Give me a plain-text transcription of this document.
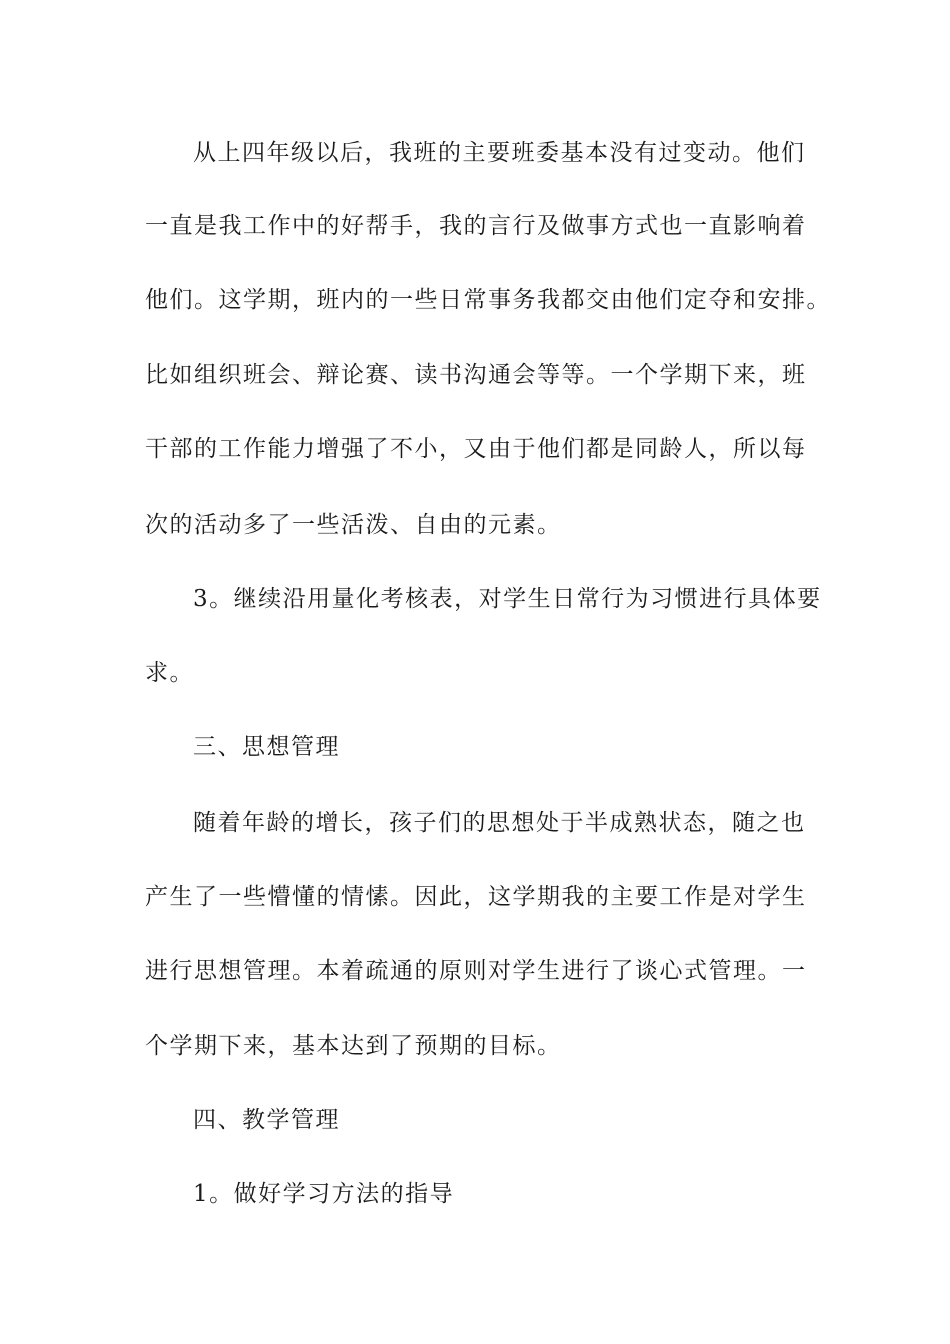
从上四年级以后，我班的主要班委基本没有过变动。他们
一直是我工作中的好帮手，我的言行及做事方式也一直影响着
他们。这学期，班内的一些日常事务我都交由他们定夺和安排。
比如组织班会、辩论赛、读书沟通会等等。一个学期下来，班
干部的工作能力增强了不小，又由于他们都是同龄人，所以每
次的活动多了一些活泼、自由的元素。
3。继续沿用量化考核表，对学生日常行为习惯进行具体要
求。
三、思想管理
随着年龄的增长，孩子们的思想处于半成熟状态，随之也
产生了一些懵懂的情愫。因此，这学期我的主要工作是对学生
进行思想管理。本着疏通的原则对学生进行了谈心式管理。一
个学期下来，基本达到了预期的目标。
四、教学管理
1。做好学习方法的指导
